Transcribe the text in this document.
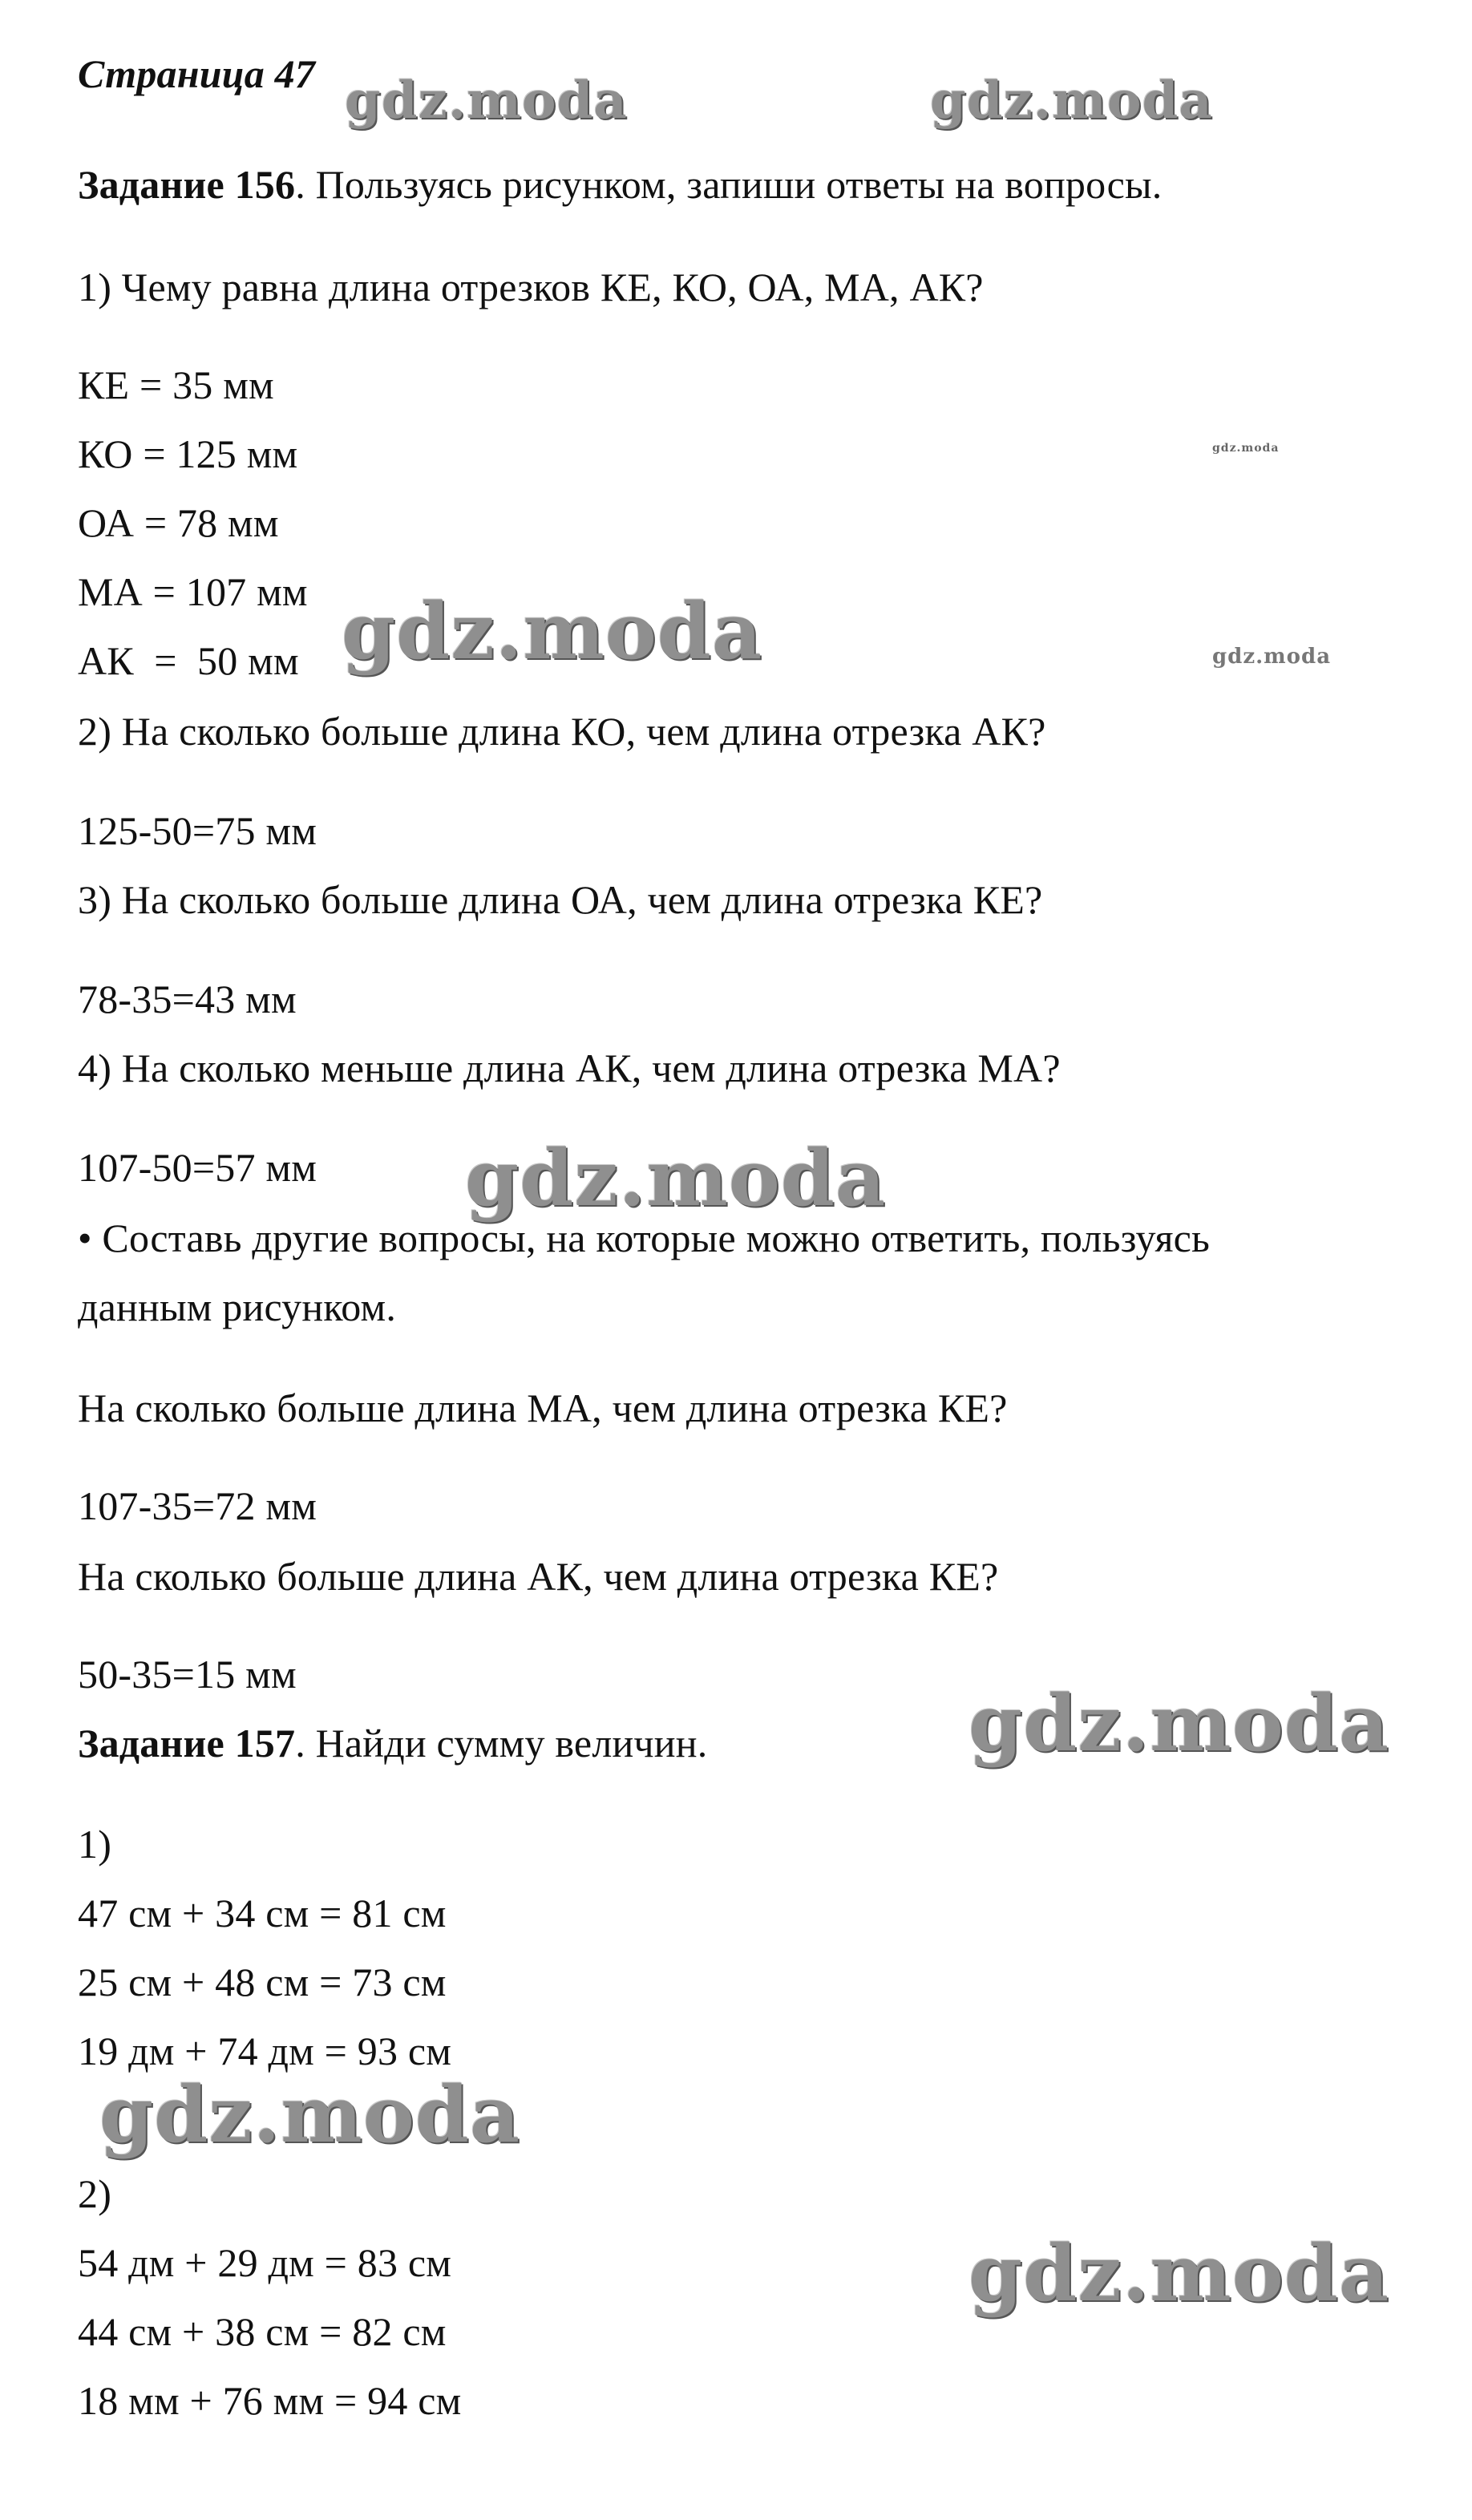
Страница 47
Задание 156. Пользуясь рисунком, запиши ответы на вопросы.
1) Чему равна длина отрезков КЕ, КО, ОА, МА, АК?
КЕ = 35 мм
КО = 125 мм
ОА = 78 мм
МА = 107 мм
АК  =  50 мм
2) На сколько больше длина КО, чем длина отрезка АК?
125-50=75 мм
3) На сколько больше длина ОА, чем длина отрезка КЕ?
78-35=43 мм
4) На сколько меньше длина АК, чем длина отрезка МА?
107-50=57 мм
• Составь другие вопросы, на которые можно ответить, пользуясь
данным рисунком.
На сколько больше длина МА, чем длина отрезка КЕ?
107-35=72 мм
На сколько больше длина АК, чем длина отрезка КЕ?
50-35=15 мм
Задание 157. Найди сумму величин.
1)
47 см + 34 см = 81 см
25 см + 48 см = 73 см
19 дм + 74 дм = 93 см
2)
54 дм + 29 дм = 83 см
44 см + 38 см = 82 см
18 мм + 76 мм = 94 см
gdz.moda	gdz.moda
gdz.moda
gdz.moda	gdz.moda
gdz.moda
gdz.moda
gdz.moda
gdz.moda
